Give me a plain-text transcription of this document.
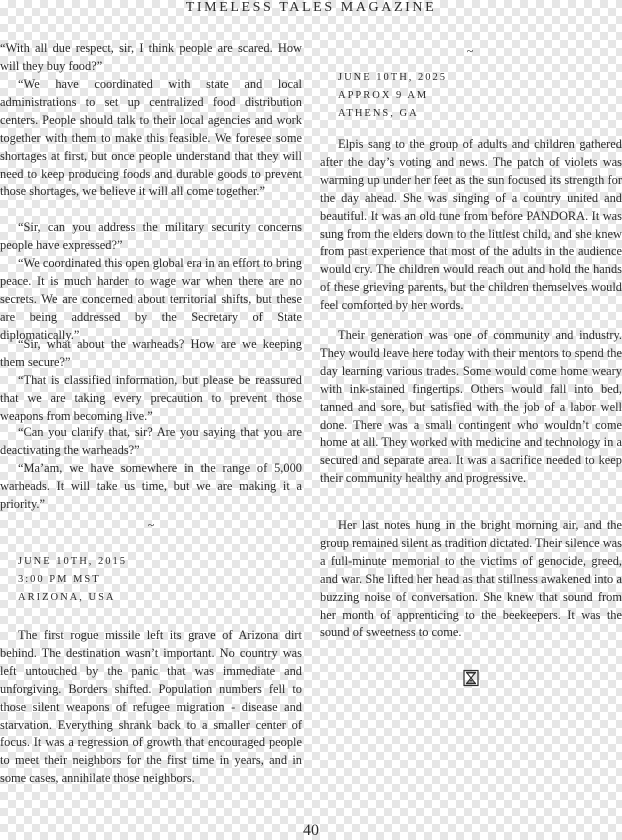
TIMELESS TALES MAGAZINE

“With all due respect, sir, I think people are scared. How will they buy food?”

“We have coordinated with state and local administrations to set up centralized food distribution centers. People should talk to their local agencies and work together with them to make this feasible. We foresee some shortages at first, but once people understand that they will need to keep producing foods and durable goods to prevent those shortages, we believe it will all come together.”

“Sir, can you address the military security concerns people have expressed?”

“We coordinated this open global era in an effort to bring peace. It is much harder to wage war when there are no secrets. We are concerned about territorial shifts, but these are being addressed by the Secretary of State diplomatically.”

“Sir, what about the warheads? How are we keeping them secure?”

“That is classified information, but please be reassured that we are taking every precaution to prevent those weapons from becoming live.”

“Can you clarify that, sir? Are you saying that you are deactivating the warheads?”

“Ma’am, we have somewhere in the range of 5,000 warheads. It will take us time, but we are making it a priority.”

~
JUNE 10TH, 2015
3:00 PM MST
ARIZONA, USA

The first rogue missile left its grave of Arizona dirt behind. The destination wasn’t important. No country was left untouched by the panic that was immediate and unforgiving. Borders shifted. Population numbers fell to those silent weapons of refugee migration - disease and starvation. Everything shrank back to a smaller center of focus. It was a regression of growth that encouraged people to meet their neighbors for the first time in years, and in some cases, annihilate those neighbors.

~
JUNE 10TH, 2025
APPROX 9 AM
ATHENS, GA

Elpis sang to the group of adults and children gathered after the day’s voting and news. The patch of violets was warming up under her feet as the sun focused its strength for the day ahead. She was singing of a country united and beautiful. It was an old tune from before PANDORA. It was sung from the elders down to the littlest child, and she knew from past experience that most of the adults in the audience would cry. The children would reach out and hold the hands of these grieving parents, but the children themselves would feel comforted by her words.

Their generation was one of community and industry. They would leave here today with their mentors to spend the day learning various trades. Some would come home weary with ink-stained fingertips. Others would fall into bed, tanned and sore, but satisfied with the job of a labor well done. There was a small contingent who wouldn’t come home at all. They worked with medicine and technology in a secured and separate area. It was a sacrifice needed to keep their community healthy and progressive.

Her last notes hung in the bright morning air, and the group remained silent as tradition dictated. Their silence was a full-minute memorial to the victims of genocide, greed, and war. She lifted her head as that stillness awakened into a buzzing noise of conversation. She knew that sound from her month of apprenticing to the beekeepers. It was the sound of sweetness to come.

40
